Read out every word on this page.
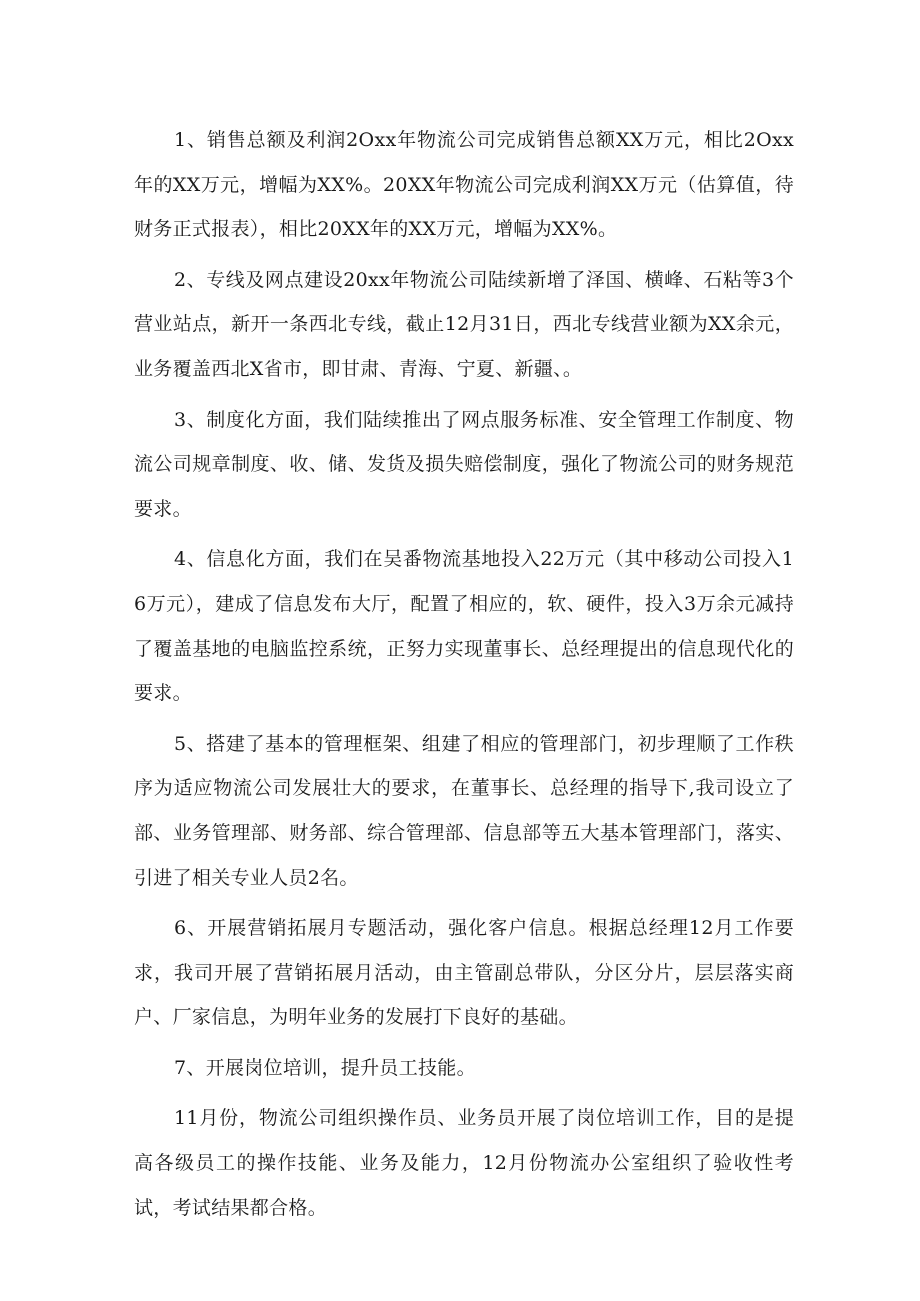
1、销售总额及利润2Oxx年物流公司完成销售总额XX万元，相比2Oxx年的XX万元，增幅为XX%。20XX年物流公司完成利润XX万元（估算值，待财务正式报表），相比20XX年的XX万元，增幅为XX%。

2、专线及网点建设20xx年物流公司陆续新增了泽国、横峰、石粘等3个营业站点，新开一条西北专线，截止12月31日，西北专线营业额为XX余元，业务覆盖西北X省市，即甘肃、青海、宁夏、新疆、。

3、制度化方面，我们陆续推出了网点服务标准、安全管理工作制度、物流公司规章制度、收、储、发货及损失赔偿制度，强化了物流公司的财务规范要求。

4、信息化方面，我们在吴番物流基地投入22万元（其中移动公司投入16万元），建成了信息发布大厅，配置了相应的，软、硬件，投入3万余元减持了覆盖基地的电脑监控系统，正努力实现董事长、总经理提出的信息现代化的要求。

5、搭建了基本的管理框架、组建了相应的管理部门，初步理顺了工作秩序为适应物流公司发展壮大的要求，在董事长、总经理的指导下,我司设立了部、业务管理部、财务部、综合管理部、信息部等五大基本管理部门，落实、引进了相关专业人员2名。

6、开展营销拓展月专题活动，强化客户信息。根据总经理12月工作要求，我司开展了营销拓展月活动，由主管副总带队，分区分片，层层落实商户、厂家信息，为明年业务的发展打下良好的基础。

7、开展岗位培训，提升员工技能。

11月份，物流公司组织操作员、业务员开展了岗位培训工作，目的是提高各级员工的操作技能、业务及能力，12月份物流办公室组织了验收性考试，考试结果都合格。
